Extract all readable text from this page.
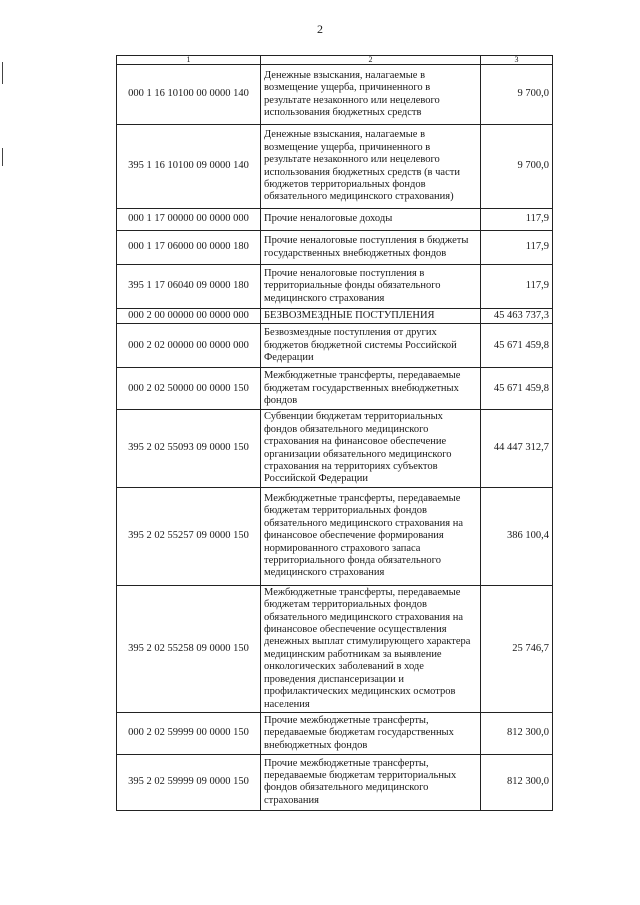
2
1	2	3
000 1 16 10100 00 0000 140	Денежные взыскания, налагаемые в возмещение ущерба, причиненного в результате незаконного или нецелевого использования бюджетных средств	9 700,0
395 1 16 10100 09 0000 140	Денежные взыскания, налагаемые в возмещение ущерба, причиненного в результате незаконного или нецелевого использования бюджетных средств (в части бюджетов территориальных фондов обязательного медицинского страхования)	9 700,0
000 1 17 00000 00 0000 000	Прочие неналоговые доходы	117,9
000 1 17 06000 00 0000 180	Прочие неналоговые поступления в бюджеты государственных внебюджетных фондов	117,9
395 1 17 06040 09 0000 180	Прочие неналоговые поступления в территориальные фонды обязательного медицинского страхования	117,9
000 2 00 00000 00 0000 000	БЕЗВОЗМЕЗДНЫЕ ПОСТУПЛЕНИЯ	45 463 737,3
000 2 02 00000 00 0000 000	Безвозмездные поступления от других бюджетов бюджетной системы Российской Федерации	45 671 459,8
000 2 02 50000 00 0000 150	Межбюджетные трансферты, передаваемые бюджетам государственных внебюджетных фондов	45 671 459,8
395 2 02 55093 09 0000 150	Субвенции бюджетам территориальных фондов обязательного медицинского страхования на финансовое обеспечение организации обязательного медицинского страхования на территориях субъектов Российской Федерации	44 447 312,7
395 2 02 55257 09 0000 150	Межбюджетные трансферты, передаваемые бюджетам территориальных фондов обязательного медицинского страхования на финансовое обеспечение формирования нормированного страхового запаса территориального фонда обязательного медицинского страхования	386 100,4
395 2 02 55258 09 0000 150	Межбюджетные трансферты, передаваемые бюджетам территориальных фондов обязательного медицинского страхования на финансовое обеспечение осуществления денежных выплат стимулирующего характера медицинским работникам за выявление онкологических заболеваний в ходе проведения диспансеризации и профилактических медицинских осмотров населения	25 746,7
000 2 02 59999 00 0000 150	Прочие межбюджетные трансферты, передаваемые бюджетам государственных внебюджетных фондов	812 300,0
395 2 02 59999 09 0000 150	Прочие межбюджетные трансферты, передаваемые бюджетам территориальных фондов обязательного медицинского страхования	812 300,0
